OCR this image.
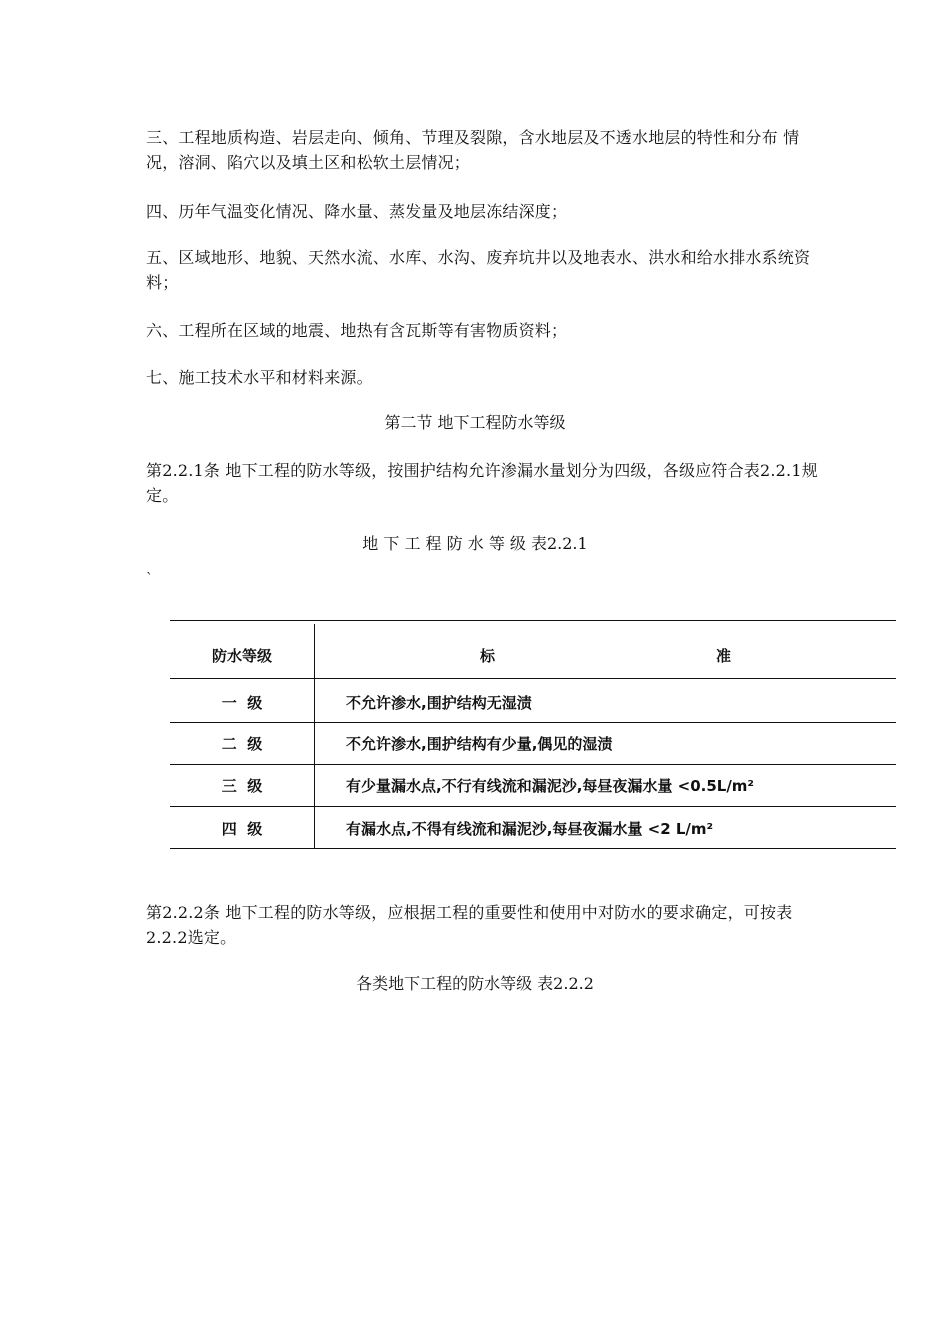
三、工程地质构造、岩层走向、倾角、节理及裂隙，含水地层及不透水地层的特性和分布 情况，溶洞、陷穴以及填土区和松软土层情况；

四、历年气温变化情况、降水量、蒸发量及地层冻结深度；

五、区域地形、地貌、天然水流、水库、水沟、废弃坑井以及地表水、洪水和给水排水系统资料；

六、工程所在区域的地震、地热有含瓦斯等有害物质资料；

七、施工技术水平和材料来源。

第二节 地下工程防水等级

第2.2.1条 地下工程的防水等级，按围护结构允许渗漏水量划分为四级，各级应符合表2.2.1规定。

地 下 工 程 防 水 等 级 表2.2.1

`
防水等级	标	准
一  级	不允许渗水,围护结构无湿渍
二  级	不允许渗水,围护结构有少量,偶见的湿渍
三  级	有少量漏水点,不行有线流和漏泥沙,每昼夜漏水量 <0.5L/m²
四  级	有漏水点,不得有线流和漏泥沙,每昼夜漏水量 <2 L/m²

第2.2.2条 地下工程的防水等级，应根据工程的重要性和使用中对防水的要求确定，可按表2.2.2选定。

各类地下工程的防水等级 表2.2.2
